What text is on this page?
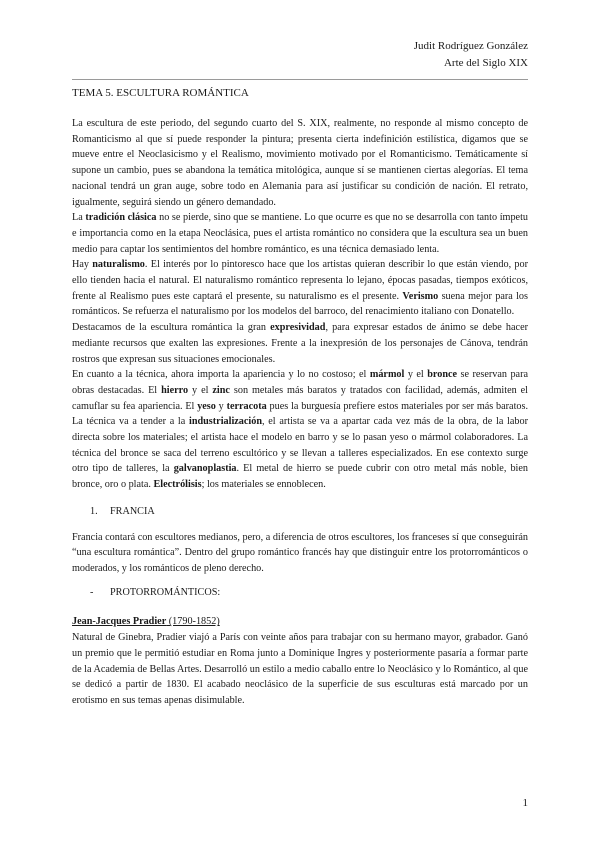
Judit Rodríguez González
Arte del Siglo XIX
TEMA 5. ESCULTURA ROMÁNTICA

La escultura de este periodo, del segundo cuarto del S. XIX, realmente, no responde al mismo concepto de Romanticismo al que sí puede responder la pintura; presenta cierta indefinición estilística, digamos que se mueve entre el Neoclasicismo y el Realismo, movimiento motivado por el Romanticismo. Temáticamente sí supone un cambio, pues se abandona la temática mitológica, aunque sí se mantienen ciertas alegorías. El tema nacional tendrá un gran auge, sobre todo en Alemania para así justificar su condición de nación. El retrato, igualmente, seguirá siendo un género demandado.

La tradición clásica no se pierde, sino que se mantiene. Lo que ocurre es que no se desarrolla con tanto ímpetu e importancia como en la etapa Neoclásica, pues el artista romántico no considera que la escultura sea un buen medio para captar los sentimientos del hombre romántico, es una técnica demasiado lenta.

Hay naturalismo. El interés por lo pintoresco hace que los artistas quieran describir lo que están viendo, por ello tienden hacia el natural. El naturalismo romántico representa lo lejano, épocas pasadas, tiempos exóticos, frente al Realismo pues este captará el presente, su naturalismo es el presente. Verismo suena mejor para los románticos. Se refuerza el naturalismo por los modelos del barroco, del renacimiento italiano con Donatello.

Destacamos de la escultura romántica la gran expresividad, para expresar estados de ánimo se debe hacer mediante recursos que exalten las expresiones. Frente a la inexpresión de los personajes de Cánova, tendrán rostros que expresan sus situaciones emocionales.

En cuanto a la técnica, ahora importa la apariencia y lo no costoso; el mármol y el bronce se reservan para obras destacadas. El hierro y el zinc son metales más baratos y tratados con facilidad, además, admiten el camuflar su fea apariencia. El yeso y terracota pues la burguesía prefiere estos materiales por ser más baratos. La técnica va a tender a la industrialización, el artista se va a apartar cada vez más de la obra, de la labor directa sobre los materiales; el artista hace el modelo en barro y se lo pasan yeso o mármol colaboradores. La técnica del bronce se saca del terreno escultórico y se llevan a talleres especializados. En ese contexto surge otro tipo de talleres, la galvanoplastia. El metal de hierro se puede cubrir con otro metal más noble, bien bronce, oro o plata. Electrólisis; los materiales se ennoblecen.

1. FRANCIA

Francia contará con escultores medianos, pero, a diferencia de otros escultores, los franceses sí que conseguirán “una escultura romántica”. Dentro del grupo romántico francés hay que distinguir entre los protorrománticos o moderados, y los románticos de pleno derecho.

- PROTORROMÁNTICOS:
Jean-Jacques Pradier (1790-1852)

Natural de Ginebra, Pradier viajó a París con veinte años para trabajar con su hermano mayor, grabador. Ganó un premio que le permitió estudiar en Roma junto a Dominique Ingres y posteriormente pasaría a formar parte de la Academia de Bellas Artes. Desarrolló un estilo a medio caballo entre lo Neoclásico y lo Romántico, al que se dedicó a partir de 1830. El acabado neoclásico de la superficie de sus esculturas está marcado por un erotismo en sus temas apenas disimulable.

1
